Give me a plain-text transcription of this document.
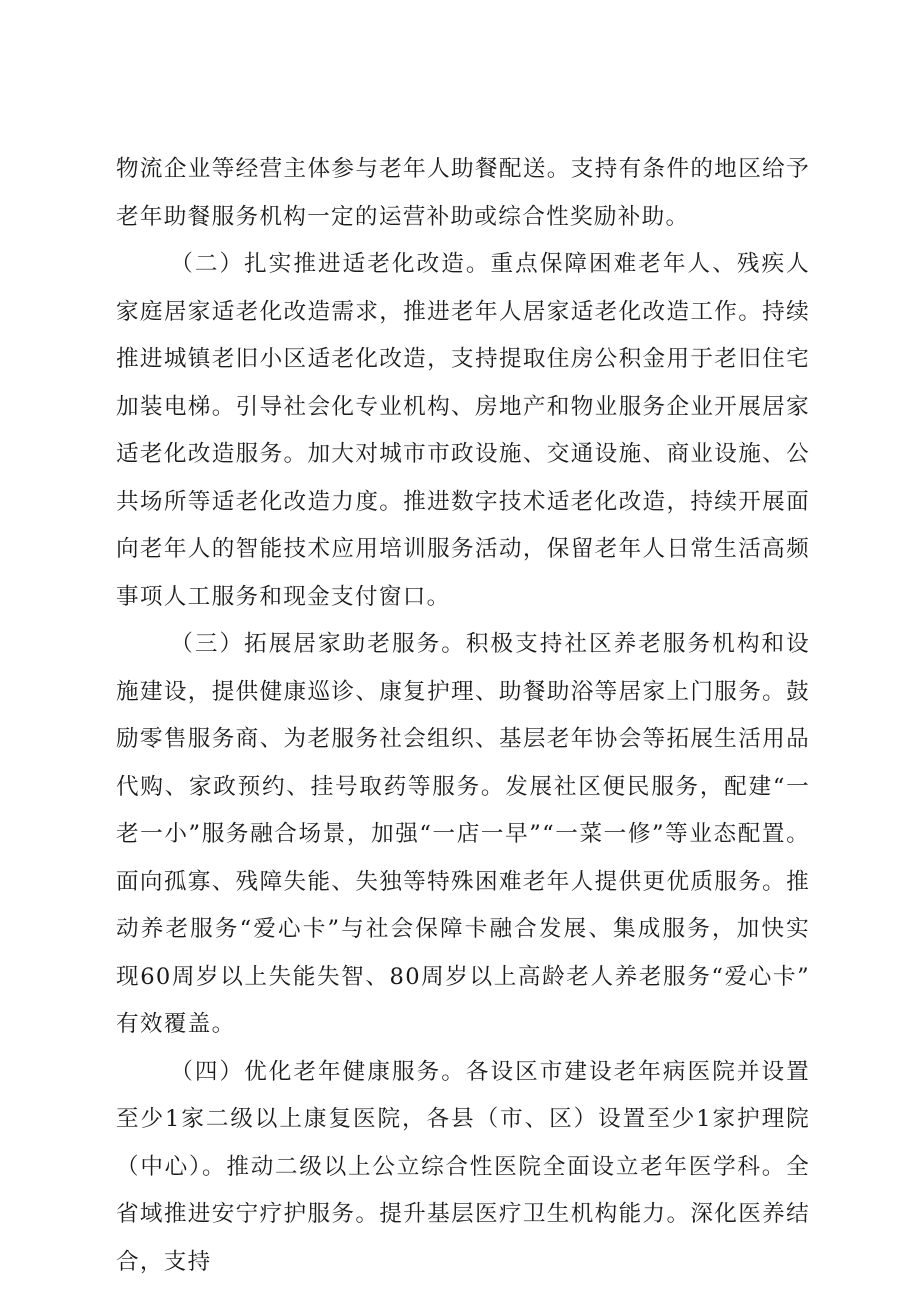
物流企业等经营主体参与老年人助餐配送。支持有条件的地区给予老年助餐服务机构一定的运营补助或综合性奖励补助。

（二）扎实推进适老化改造。重点保障困难老年人、残疾人家庭居家适老化改造需求，推进老年人居家适老化改造工作。持续推进城镇老旧小区适老化改造，支持提取住房公积金用于老旧住宅加装电梯。引导社会化专业机构、房地产和物业服务企业开展居家适老化改造服务。加大对城市市政设施、交通设施、商业设施、公共场所等适老化改造力度。推进数字技术适老化改造，持续开展面向老年人的智能技术应用培训服务活动，保留老年人日常生活高频事项人工服务和现金支付窗口。

（三）拓展居家助老服务。积极支持社区养老服务机构和设施建设，提供健康巡诊、康复护理、助餐助浴等居家上门服务。鼓励零售服务商、为老服务社会组织、基层老年协会等拓展生活用品代购、家政预约、挂号取药等服务。发展社区便民服务，配建“一老一小”服务融合场景，加强“一店一早”“一菜一修”等业态配置。面向孤寡、残障失能、失独等特殊困难老年人提供更优质服务。推动养老服务“爱心卡”与社会保障卡融合发展、集成服务，加快实现60周岁以上失能失智、80周岁以上高龄老人养老服务“爱心卡”有效覆盖。

（四）优化老年健康服务。各设区市建设老年病医院并设置至少1家二级以上康复医院，各县（市、区）设置至少1家护理院（中心）。推动二级以上公立综合性医院全面设立老年医学科。全省域推进安宁疗护服务。提升基层医疗卫生机构能力。深化医养结合，支持
